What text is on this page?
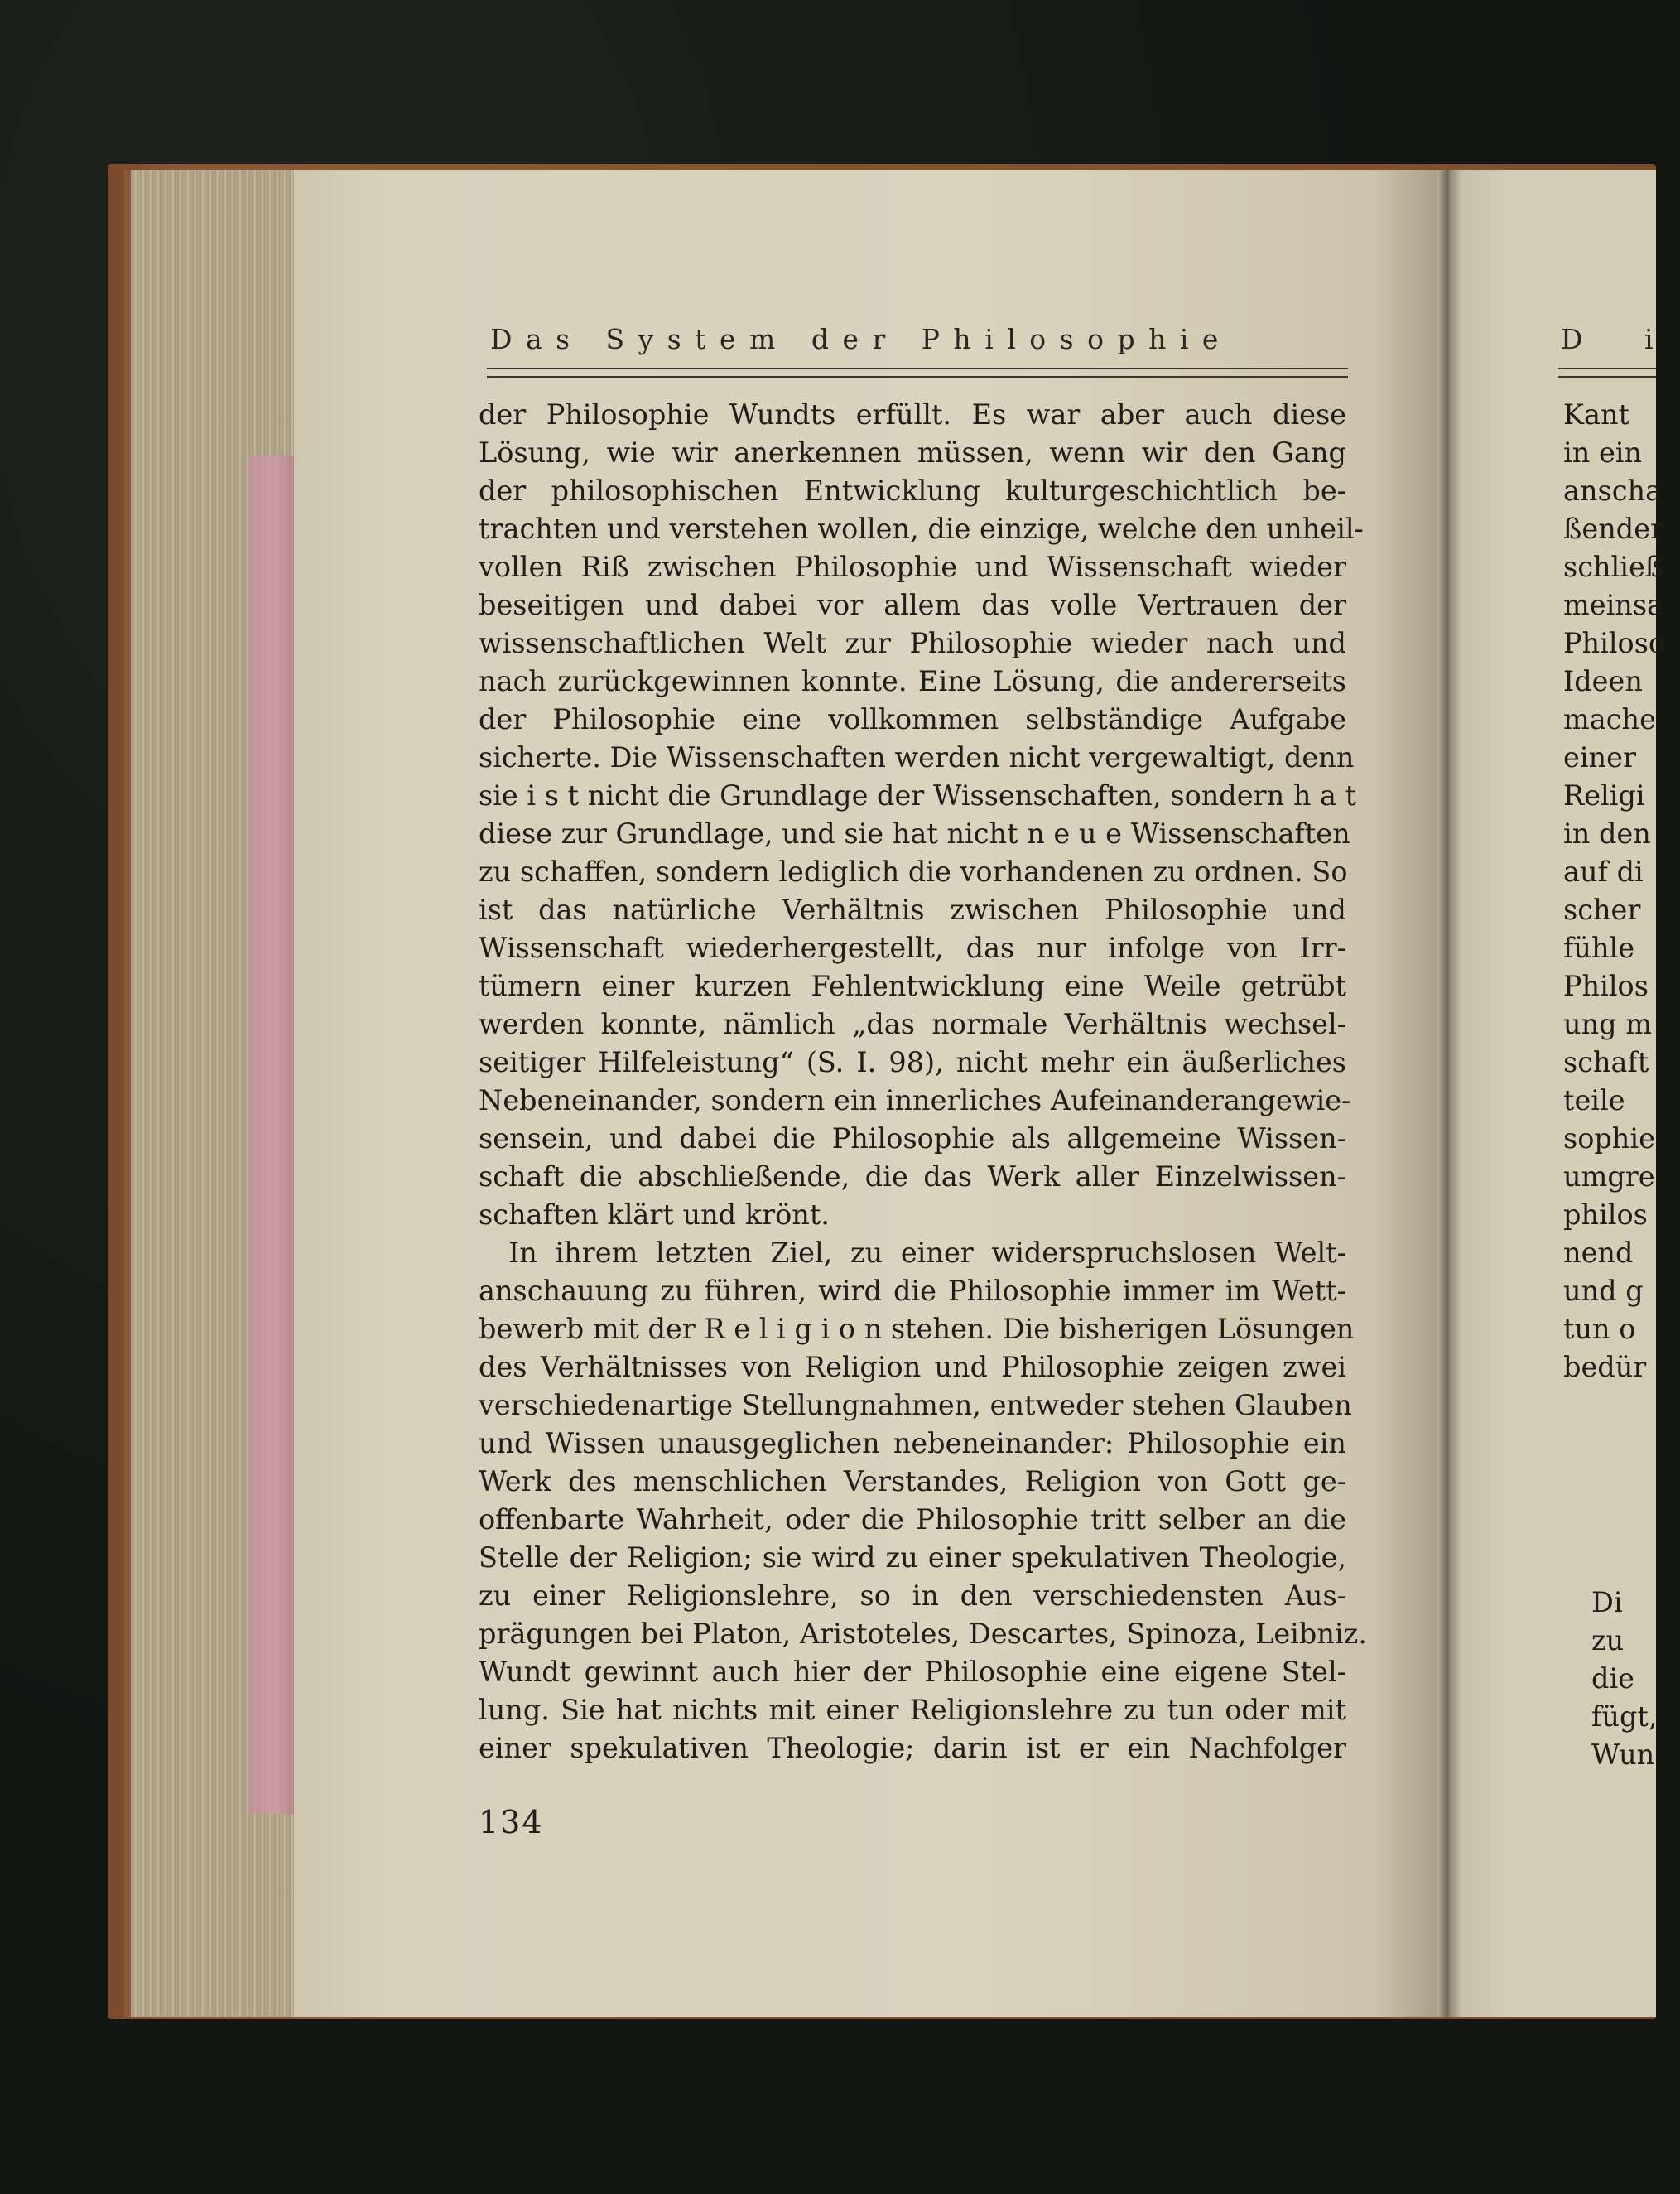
Das System der Philosophie
der Philosophie Wundts erfüllt. Es war aber auch diese
Lösung, wie wir anerkennen müssen, wenn wir den Gang
der philosophischen Entwicklung kulturgeschichtlich be-
trachten und verstehen wollen, die einzige, welche den unheil-
vollen Riß zwischen Philosophie und Wissenschaft wieder
beseitigen und dabei vor allem das volle Vertrauen der
wissenschaftlichen Welt zur Philosophie wieder nach und
nach zurückgewinnen konnte. Eine Lösung, die andererseits
der Philosophie eine vollkommen selbständige Aufgabe
sicherte. Die Wissenschaften werden nicht vergewaltigt, denn
sie i s t nicht die Grundlage der Wissenschaften, sondern h a t
diese zur Grundlage, und sie hat nicht n e u e Wissenschaften
zu schaffen, sondern lediglich die vorhandenen zu ordnen. So
ist das natürliche Verhältnis zwischen Philosophie und
Wissenschaft wiederhergestellt, das nur infolge von Irr-
tümern einer kurzen Fehlentwicklung eine Weile getrübt
werden konnte, nämlich „das normale Verhältnis wechsel-
seitiger Hilfeleistung“ (S. I. 98), nicht mehr ein äußerliches
Nebeneinander, sondern ein innerliches Aufeinanderangewie-
sensein, und dabei die Philosophie als allgemeine Wissen-
schaft die abschließende, die das Werk aller Einzelwissen-
schaften klärt und krönt.
In ihrem letzten Ziel, zu einer widerspruchslosen Welt-
anschauung zu führen, wird die Philosophie immer im Wett-
bewerb mit der R e l i g i o n stehen. Die bisherigen Lösungen
des Verhältnisses von Religion und Philosophie zeigen zwei
verschiedenartige Stellungnahmen, entweder stehen Glauben
und Wissen unausgeglichen nebeneinander: Philosophie ein
Werk des menschlichen Verstandes, Religion von Gott ge-
offenbarte Wahrheit, oder die Philosophie tritt selber an die
Stelle der Religion; sie wird zu einer spekulativen Theologie,
zu einer Religionslehre, so in den verschiedensten Aus-
prägungen bei Platon, Aristoteles, Descartes, Spinoza, Leibniz.
Wundt gewinnt auch hier der Philosophie eine eigene Stel-
lung. Sie hat nichts mit einer Religionslehre zu tun oder mit
einer spekulativen Theologie; darin ist er ein Nachfolger
134
D i
Kant
in ein
anscha
ßender
schließ
meinsa
Philoso
Ideen
mache
einer
Religi
in den
auf di
scher
fühle
Philos
ung m
schaft
teile
sophie
umgre
philos
nend
und g
tun o
bedür
Di
zu
die
fügt,
Wun
